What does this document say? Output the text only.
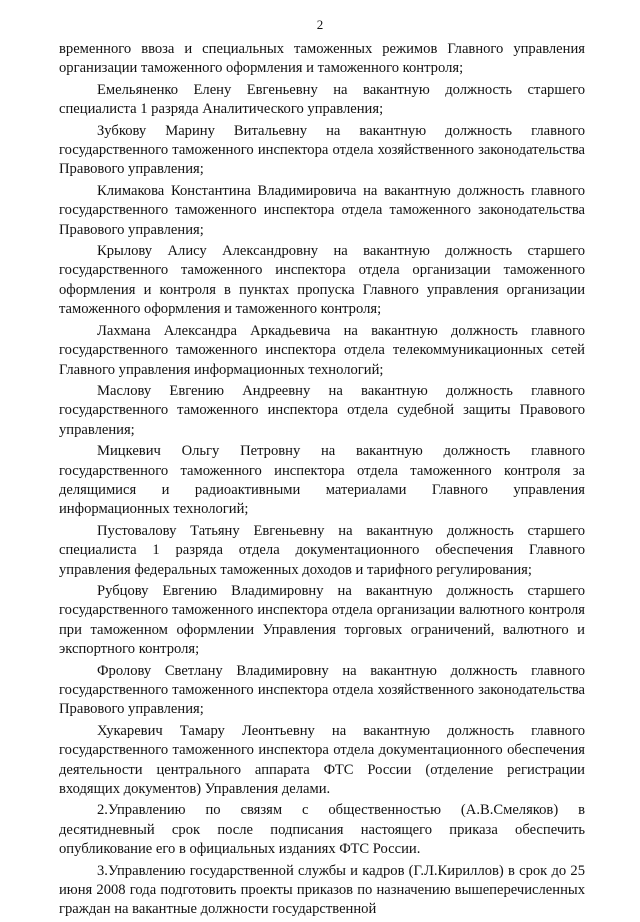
2

временного ввоза и специальных таможенных режимов Главного управления организации таможенного оформления и таможенного контроля;

Емельяненко Елену Евгеньевну на вакантную должность старшего специалиста 1 разряда Аналитического управления;

Зубкову Марину Витальевну на вакантную должность главного государственного таможенного инспектора отдела хозяйственного законодательства Правового управления;

Климакова Константина Владимировича на вакантную должность главного государственного таможенного инспектора отдела таможенного законодательства Правового управления;

Крылову Алису Александровну на вакантную должность старшего государственного таможенного инспектора отдела организации таможенного оформления и контроля в пунктах пропуска Главного управления организации таможенного оформления и таможенного контроля;

Лахмана Александра Аркадьевича на вакантную должность главного государственного таможенного инспектора отдела телекоммуникационных сетей Главного управления информационных технологий;

Маслову Евгению Андреевну на вакантную должность главного государственного таможенного инспектора отдела судебной защиты Правового управления;

Мицкевич Ольгу Петровну на вакантную должность главного государственного таможенного инспектора отдела таможенного контроля за делящимися и радиоактивными материалами Главного управления информационных технологий;

Пустовалову Татьяну Евгеньевну на вакантную должность старшего специалиста 1 разряда отдела документационного обеспечения Главного управления федеральных таможенных доходов и тарифного регулирования;

Рубцову Евгению Владимировну на вакантную должность старшего государственного таможенного инспектора отдела организации валютного контроля при таможенном оформлении Управления торговых ограничений, валютного и экспортного контроля;

Фролову Светлану Владимировну на вакантную должность главного государственного таможенного инспектора отдела хозяйственного законодательства Правового управления;

Хукаревич Тамару Леонтьевну на вакантную должность главного государственного таможенного инспектора отдела документационного обеспечения деятельности центрального аппарата ФТС России (отделение регистрации входящих документов) Управления делами.

2.Управлению по связям с общественностью (А.В.Смеляков) в десятидневный срок после подписания настоящего приказа обеспечить опубликование его в официальных изданиях ФТС России.

3.Управлению государственной службы и кадров (Г.Л.Кириллов) в срок до 25 июня 2008 года подготовить проекты приказов по назначению вышеперечисленных граждан на вакантные должности государственной
